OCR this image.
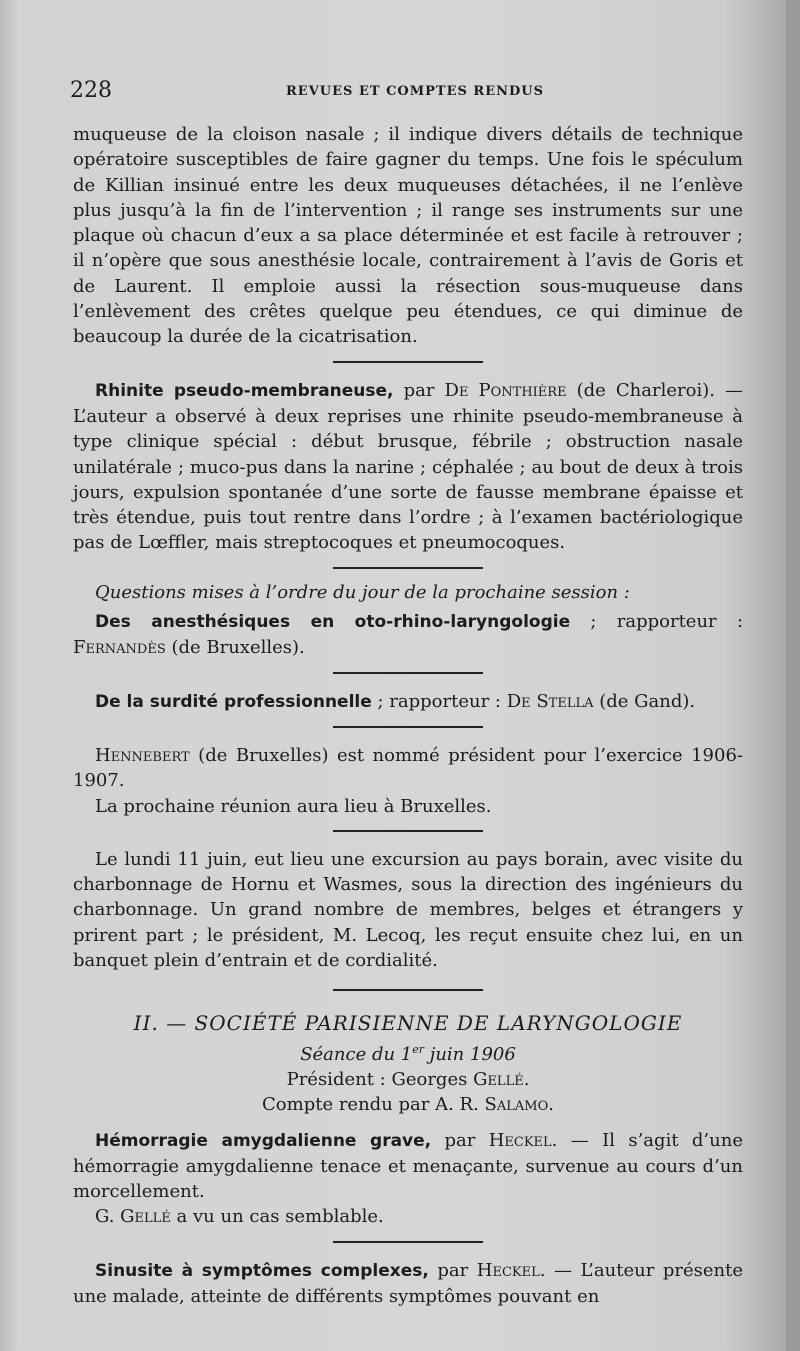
228	REVUES ET COMPTES RENDUS

muqueuse de la cloison nasale ; il indique divers détails de technique opératoire susceptibles de faire gagner du temps. Une fois le spéculum de Killian insinué entre les deux muqueuses détachées, il ne l’enlève plus jusqu’à la fin de l’intervention ; il range ses instruments sur une plaque où chacun d’eux a sa place déterminée et est facile à retrouver ; il n’opère que sous anesthésie locale, contrairement à l’avis de Goris et de Laurent. Il emploie aussi la résection sous-muqueuse dans l’enlèvement des crêtes quelque peu étendues, ce qui diminue de beaucoup la durée de la cicatrisation.

Rhinite pseudo-membraneuse, par De Ponthière (de Charleroi). — L’auteur a observé à deux reprises une rhinite pseudo-membraneuse à type clinique spécial : début brusque, fébrile ; obstruction nasale unilatérale ; muco-pus dans la narine ; céphalée ; au bout de deux à trois jours, expulsion spontanée d’une sorte de fausse membrane épaisse et très étendue, puis tout rentre dans l’ordre ; à l’examen bactériologique pas de Lœffler, mais streptocoques et pneumocoques.

Questions mises à l’ordre du jour de la prochaine session :

Des anesthésiques en oto-rhino-laryngologie ; rapporteur : Fernandès (de Bruxelles).

De la surdité professionnelle ; rapporteur : De Stella (de Gand).

Hennebert (de Bruxelles) est nommé président pour l’exercice 1906-1907.

La prochaine réunion aura lieu à Bruxelles.

Le lundi 11 juin, eut lieu une excursion au pays borain, avec visite du charbonnage de Hornu et Wasmes, sous la direction des ingénieurs du charbonnage. Un grand nombre de membres, belges et étrangers y prirent part ; le président, M. Lecoq, les reçut ensuite chez lui, en un banquet plein d’entrain et de cordialité.

II. — SOCIÉTÉ PARISIENNE DE LARYNGOLOGIE
Séance du 1er juin 1906
Président : Georges Gellé.
Compte rendu par A. R. Salamo.

Hémorragie amygdalienne grave, par Heckel. — Il s’agit d’une hémorragie amygdalienne tenace et menaçante, survenue au cours d’un morcellement.

G. Gellé a vu un cas semblable.

Sinusite à symptômes complexes, par Heckel. — L’auteur présente une malade, atteinte de différents symptômes pouvant en
